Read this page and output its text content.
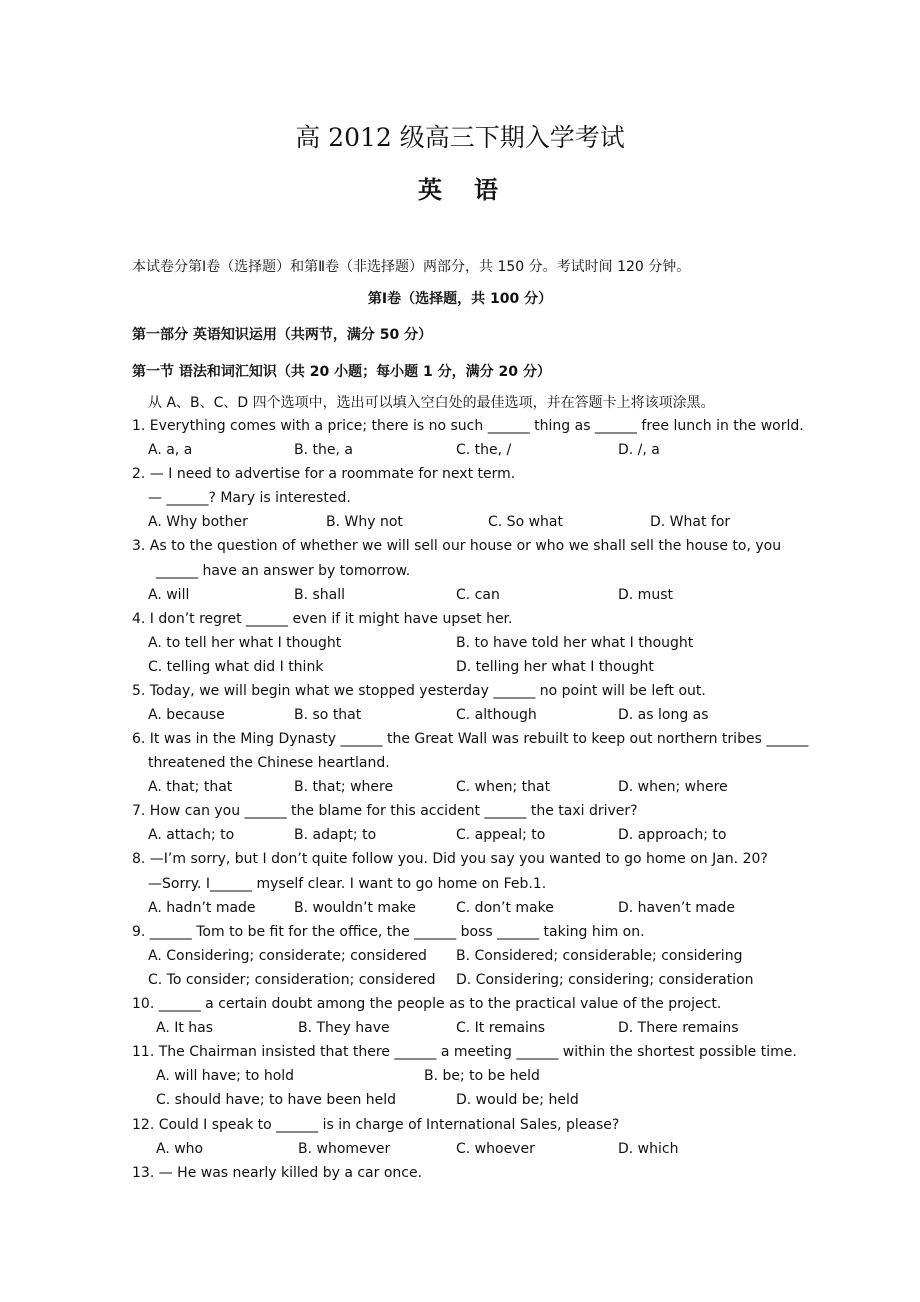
高 2012 级高三下期入学考试
英　语
本试卷分第Ⅰ卷（选择题）和第Ⅱ卷（非选择题）两部分，共 150 分。考试时间 120 分钟。
第Ⅰ卷（选择题，共 100 分）
第一部分 英语知识运用（共两节，满分 50 分）
第一节 语法和词汇知识（共 20 小题；每小题 1 分，满分 20 分）
从 A、B、C、D 四个选项中，选出可以填入空白处的最佳选项，并在答题卡上将该项涂黑。
1. Everything comes with a price; there is no such ______ thing as ______ free lunch in the world.
A. a, a	B. the, a	C. the, /	D. /, a
2. — I need to advertise for a roommate for next term.
— ______? Mary is interested.
A. Why bother	B. Why not	C. So what	D. What for
3. As to the question of whether we will sell our house or who we shall sell the house to, you
______ have an answer by tomorrow.
A. will	B. shall	C. can	D. must
4. I don’t regret ______ even if it might have upset her.
A. to tell her what I thought	B. to have told her what I thought
C. telling what did I think	D. telling her what I thought
5. Today, we will begin what we stopped yesterday ______ no point will be left out.
A. because	B. so that	C. although	D. as long as
6. It was in the Ming Dynasty ______ the Great Wall was rebuilt to keep out northern tribes ______
threatened the Chinese heartland.
A. that; that	B. that; where	C. when; that	D. when; where
7. How can you ______ the blame for this accident ______ the taxi driver?
A. attach; to	B. adapt; to	C. appeal; to	D. approach; to
8. —I’m sorry, but I don’t quite follow you. Did you say you wanted to go home on Jan. 20?
—Sorry. I______ myself clear. I want to go home on Feb.1.
A. hadn’t made	B. wouldn’t make	C. don’t make	D. haven’t made
9. ______ Tom to be fit for the office, the ______ boss ______ taking him on.
A. Considering; considerate; considered B. Considered; considerable; considering
C. To consider; consideration; considered D. Considering; considering; consideration
10. ______ a certain doubt among the people as to the practical value of the project.
A. It has	B. They have	C. It remains	D. There remains
11. The Chairman insisted that there ______ a meeting ______ within the shortest possible time.
A. will have; to hold	B. be; to be held
C. should have; to have been held	D. would be; held
12. Could I speak to ______ is in charge of International Sales, please?
A. who	B. whomever	C. whoever	D. which
13. — He was nearly killed by a car once.
